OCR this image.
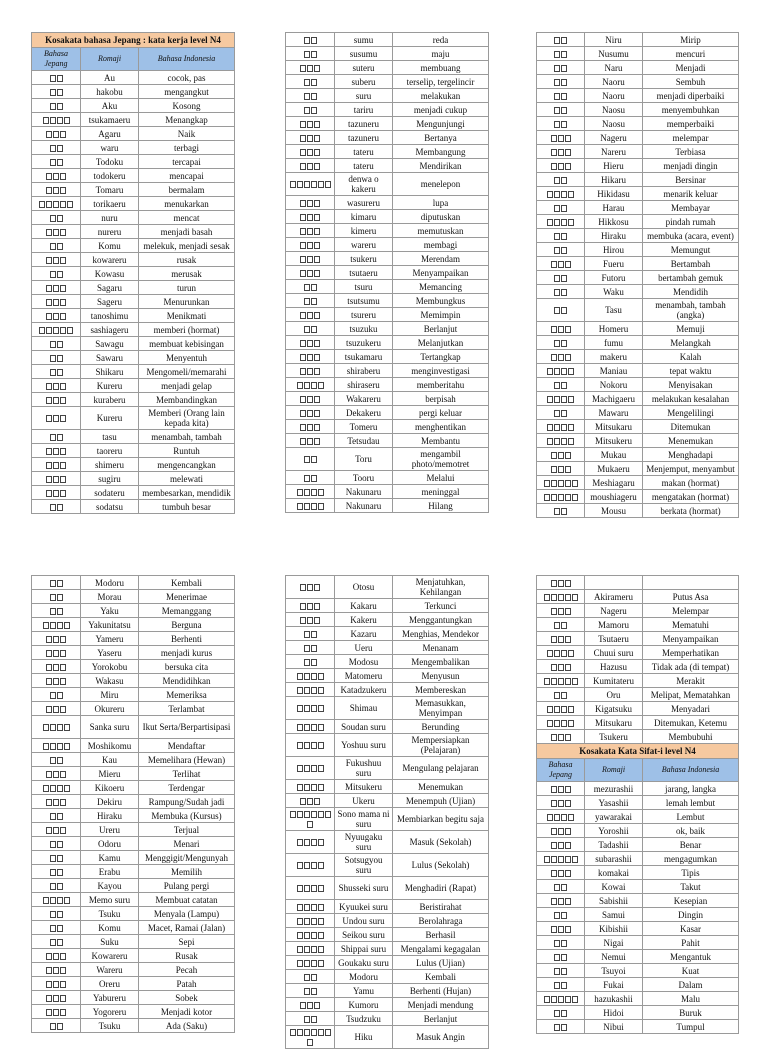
Kosakata bahasa Jepang : kata kerja level N4		
Bahasa Jepang	Romaji	Bahasa Indonesia
	Au	cocok, pas
	hakobu	mengangkut
	Aku	Kosong
	tsukamaeru	Menangkap
	Agaru	Naik
	waru	terbagi
	Todoku	tercapai
	todokeru	mencapai
	Tomaru	bermalam
	torikaeru	menukarkan
	nuru	mencat
	nureru	menjadi basah
	Komu	melekuk, menjadi sesak
	kowareru	rusak
	Kowasu	merusak
	Sagaru	turun
	Sageru	Menurunkan
	tanoshimu	Menikmati
	sashiageru	memberi (hormat)
	Sawagu	membuat kebisingan
	Sawaru	Menyentuh
	Shikaru	Mengomeli/memarahi
	Kureru	menjadi gelap
	kuraberu	Membandingkan
	Kureru	Memberi (Orang lain kepada kita)
	tasu	menambah, tambah
	taoreru	Runtuh
	shimeru	mengencangkan
	sugiru	melewati
	sodateru	membesarkan, mendidik
	sodatsu	tumbuh besar
	sumu	reda
	susumu	maju
	suteru	membuang
	suberu	terselip, tergelincir
	suru	melakukan
	tariru	menjadi cukup
	tazuneru	Mengunjungi
	tazuneru	Bertanya
	tateru	Membangung
	tateru	Mendirikan
	denwa o kakeru	menelepon
	wasureru	lupa
	kimaru	diputuskan
	kimeru	memutuskan
	wareru	membagi
	tsukeru	Merendam
	tsutaeru	Menyampaikan
	tsuru	Memancing
	tsutsumu	Membungkus
	tsureru	Memimpin
	tsuzuku	Berlanjut
	tsuzukeru	Melanjutkan
	tsukamaru	Tertangkap
	shiraberu	menginvestigasi
	shiraseru	memberitahu
	Wakareru	berpisah
	Dekakeru	pergi keluar
	Tomeru	menghentikan
	Tetsudau	Membantu
	Toru	mengambil photo/memotret
	Tooru	Melalui
	Nakunaru	meninggal
	Nakunaru	Hilang
	Niru	Mirip
	Nusumu	mencuri
	Naru	Menjadi
	Naoru	Sembuh
	Naoru	menjadi diperbaiki
	Naosu	menyembuhkan
	Naosu	memperbaiki
	Nageru	melempar
	Nareru	Terbiasa
	Hieru	menjadi dingin
	Hikaru	Bersinar
	Hikidasu	menarik keluar
	Harau	Membayar
	Hikkosu	pindah rumah
	Hiraku	membuka (acara, event)
	Hirou	Memungut
	Fueru	Bertambah
	Futoru	bertambah gemuk
	Waku	Mendidih
	Tasu	menambah, tambah (angka)
	Homeru	Memuji
	fumu	Melangkah
	makeru	Kalah
	Maniau	tepat waktu
	Nokoru	Menyisakan
	Machigaeru	melakukan kesalahan
	Mawaru	Mengelilingi
	Mitsukaru	Ditemukan
	Mitsukeru	Menemukan
	Mukau	Menghadapi
	Mukaeru	Menjemput, menyambut
	Meshiagaru	makan (hormat)
	moushiageru	mengatakan (hormat)
	Mousu	berkata (hormat)
	Modoru	Kembali
	Morau	Menerimae
	Yaku	Memanggang
	Yakunitatsu	Berguna
	Yameru	Berhenti
	Yaseru	menjadi kurus
	Yorokobu	bersuka cita
	Wakasu	Mendidihkan
	Miru	Memeriksa
	Okureru	Terlambat
	Sanka suru	Ikut Serta/Berpartisipasi
	Moshikomu	Mendaftar
	Kau	Memelihara (Hewan)
	Mieru	Terlihat
	Kikoeru	Terdengar
	Dekiru	Rampung/Sudah jadi
	Hiraku	Membuka (Kursus)
	Ureru	Terjual
	Odoru	Menari
	Kamu	Menggigit/Mengunyah
	Erabu	Memilih
	Kayou	Pulang pergi
	Memo suru	Membuat catatan
	Tsuku	Menyala (Lampu)
	Komu	Macet, Ramai (Jalan)
	Suku	Sepi
	Kowareru	Rusak
	Wareru	Pecah
	Oreru	Patah
	Yabureru	Sobek
	Yogoreru	Menjadi kotor
	Tsuku	Ada (Saku)
	Otosu	Menjatuhkan, Kehilangan
	Kakaru	Terkunci
	Kakeru	Menggantungkan
	Kazaru	Menghias, Mendekor
	Ueru	Menanam
	Modosu	Mengembalikan
	Matomeru	Menyusun
	Katadzukeru	Membereskan
	Shimau	Memasukkan, Menyimpan
	Soudan suru	Berunding
	Yoshuu suru	Mempersiapkan (Pelajaran)
	Fukushuu suru	Mengulang pelajaran
	Mitsukeru	Menemukan
	Ukeru	Menempuh (Ujian)
	Sono mama ni suru	Membiarkan begitu saja
	Nyuugaku suru	Masuk (Sekolah)
	Sotsugyou suru	Lulus (Sekolah)
	Shusseki suru	Menghadiri (Rapat)
	Kyuukei suru	Beristirahat
	Undou suru	Berolahraga
	Seikou suru	Berhasil
	Shippai suru	Mengalami kegagalan
	Goukaku suru	Lulus (Ujian)
	Modoru	Kembali
	Yamu	Berhenti (Hujan)
	Kumoru	Menjadi mendung
	Tsudzuku	Berlanjut
	Hiku	Masuk Angin

	Akirameru	Putus Asa
	Nageru	Melempar
	Mamoru	Mematuhi
	Tsutaeru	Menyampaikan
	Chuui suru	Memperhatikan
	Hazusu	Tidak ada (di tempat)
	Kumitateru	Merakit
	Oru	Melipat, Mematahkan
	Kigatsuku	Menyadari
	Mitsukaru	Ditemukan, Ketemu
	Tsukeru	Membubuhi
Kosakata Kata Sifat-i level N4		
Bahasa Jepang	Romaji	Bahasa Indonesia
	mezurashii	jarang, langka
	Yasashii	lemah lembut
	yawarakai	Lembut
	Yoroshii	ok, baik
	Tadashii	Benar
	subarashii	mengagumkan
	komakai	Tipis
	Kowai	Takut
	Sabishii	Kesepian
	Samui	Dingin
	Kibishii	Kasar
	Nigai	Pahit
	Nemui	Mengantuk
	Tsuyoi	Kuat
	Fukai	Dalam
	hazukashii	Malu
	Hidoi	Buruk
	Nibui	Tumpul
